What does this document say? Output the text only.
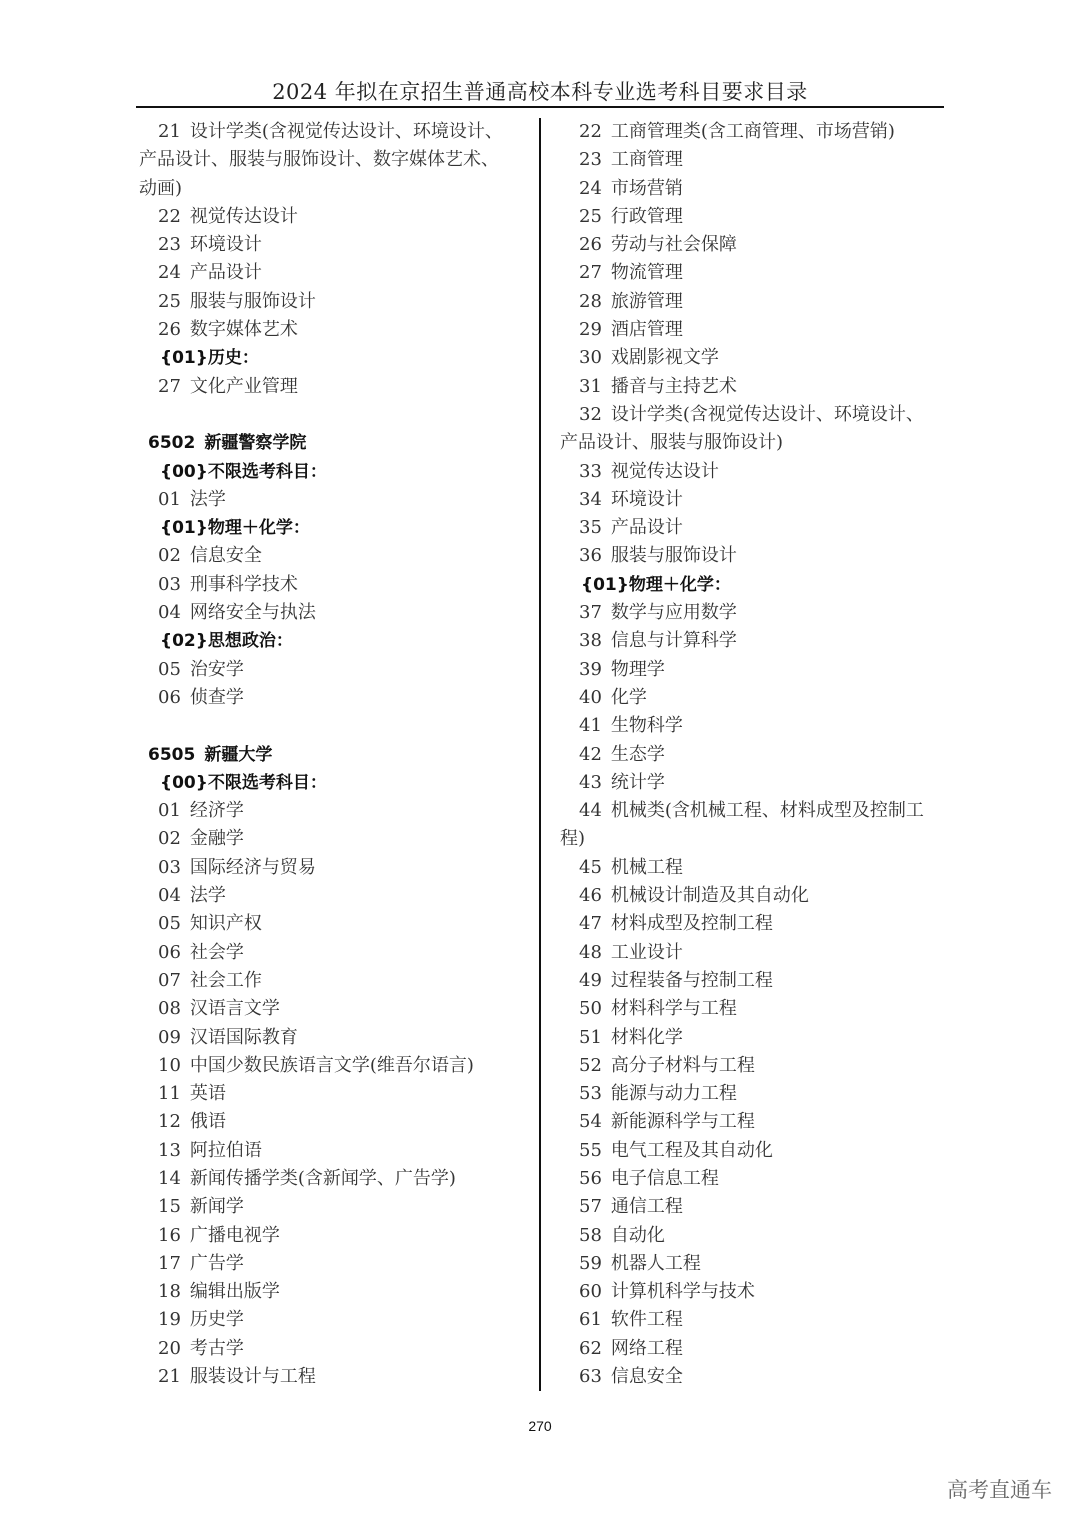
2024 年拟在京招生普通高校本科专业选考科目要求目录
21 设计学类(含视觉传达设计、环境设计、
产品设计、服装与服饰设计、数字媒体艺术、
动画)
22 视觉传达设计
23 环境设计
24 产品设计
25 服装与服饰设计
26 数字媒体艺术
{01}历史：
27 文化产业管理
6502 新疆警察学院
{00}不限选考科目：
01 法学
{01}物理＋化学：
02 信息安全
03 刑事科学技术
04 网络安全与执法
{02}思想政治：
05 治安学
06 侦查学
6505 新疆大学
{00}不限选考科目：
01 经济学
02 金融学
03 国际经济与贸易
04 法学
05 知识产权
06 社会学
07 社会工作
08 汉语言文学
09 汉语国际教育
10 中国少数民族语言文学(维吾尔语言)
11 英语
12 俄语
13 阿拉伯语
14 新闻传播学类(含新闻学、广告学)
15 新闻学
16 广播电视学
17 广告学
18 编辑出版学
19 历史学
20 考古学
21 服装设计与工程
22 工商管理类(含工商管理、市场营销)
23 工商管理
24 市场营销
25 行政管理
26 劳动与社会保障
27 物流管理
28 旅游管理
29 酒店管理
30 戏剧影视文学
31 播音与主持艺术
32 设计学类(含视觉传达设计、环境设计、
产品设计、服装与服饰设计)
33 视觉传达设计
34 环境设计
35 产品设计
36 服装与服饰设计
{01}物理＋化学：
37 数学与应用数学
38 信息与计算科学
39 物理学
40 化学
41 生物科学
42 生态学
43 统计学
44 机械类(含机械工程、材料成型及控制工
程)
45 机械工程
46 机械设计制造及其自动化
47 材料成型及控制工程
48 工业设计
49 过程装备与控制工程
50 材料科学与工程
51 材料化学
52 高分子材料与工程
53 能源与动力工程
54 新能源科学与工程
55 电气工程及其自动化
56 电子信息工程
57 通信工程
58 自动化
59 机器人工程
60 计算机科学与技术
61 软件工程
62 网络工程
63 信息安全
270
高考直通车
